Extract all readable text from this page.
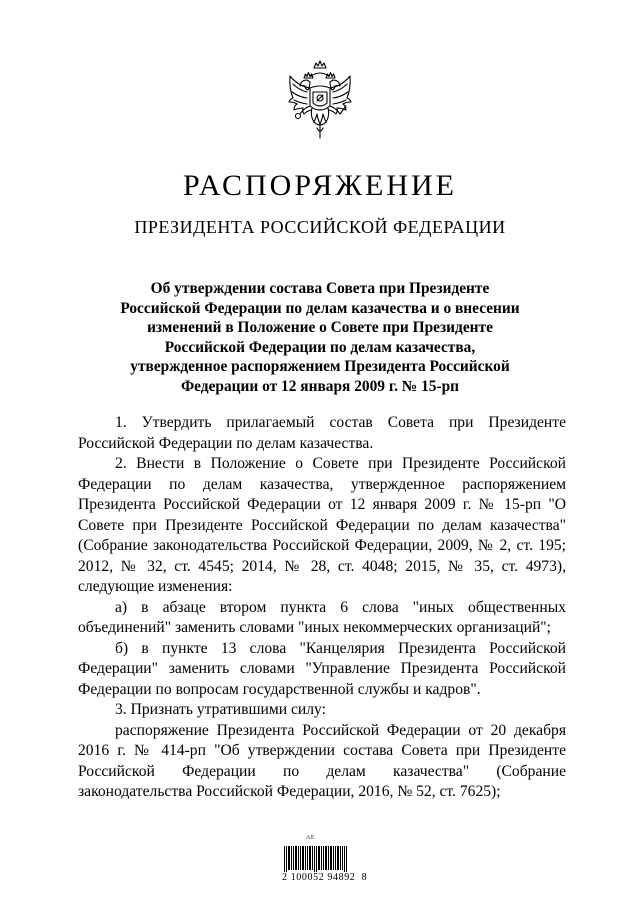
РАСПОРЯЖЕНИЕ
ПРЕЗИДЕНТА РОССИЙСКОЙ ФЕДЕРАЦИИ
Об утверждении состава Совета при Президенте
Российской Федерации по делам казачества и о внесении
изменений в Положение о Совете при Президенте
Российской Федерации по делам казачества,
утвержденное распоряжением Президента Российской
Федерации от 12 января 2009 г. № 15-рп

1. Утвердить прилагаемый состав Совета при Президенте Российской Федерации по делам казачества.

2. Внести в Положение о Совете при Президенте Российской Федерации по делам казачества, утвержденное распоряжением Президента Российской Федерации от 12 января 2009 г. № 15-рп "О Совете при Президенте Российской Федерации по делам казачества" (Собрание законодательства Российской Федерации, 2009, № 2, ст. 195; 2012, № 32, ст. 4545; 2014, № 28, ст. 4048; 2015, № 35, ст. 4973), следующие изменения:

а) в абзаце втором пункта 6 слова "иных общественных объединений" заменить словами "иных некоммерческих организаций";

б) в пункте 13 слова "Канцелярия Президента Российской Федерации" заменить словами "Управление Президента Российской Федерации по вопросам государственной службы и кадров".

3. Признать утратившими силу:

распоряжение Президента Российской Федерации от 20 декабря 2016 г. № 414-рп "Об утверждении состава Совета при Президенте Российской Федерации по делам казачества" (Собрание законодательства Российской Федерации, 2016, № 52, ст. 7625);

АЕ
2 100052 94892  8
